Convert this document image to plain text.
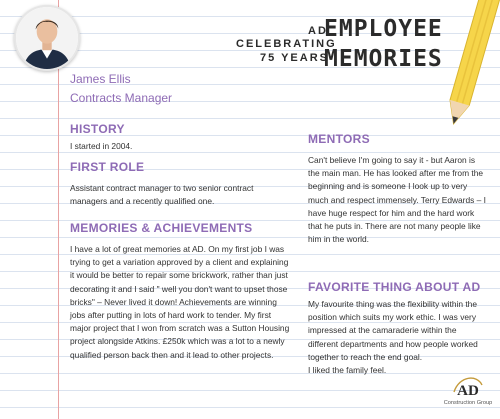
James Ellis
Contracts Manager
AD
CELEBRATING
75 YEARS
EMPLOYEE
MEMORIES
HISTORY
I started in 2004.
FIRST ROLE
Assistant contract manager to two senior contract managers and a recently qualified one.
MEMORIES & ACHIEVEMENTS
I have a lot of great memories at AD. On my first job I was trying to get a variation approved by a client and explaining it would be better to repair some brickwork, rather than just decorating it and I said " well you don't want to upset those bricks" – Never lived it down! Achievements are winning jobs after putting in lots of hard work to tender. My first major project that I won from scratch was a Sutton Housing project alongside Atkins. £250k which was a lot to a newly qualified person back then and it lead to other projects.
MENTORS
Can't believe I'm going to say it - but Aaron is the main man. He has looked after me from the beginning and is someone I look up to very much and respect immensely. Terry Edwards – I have huge respect for him and the hard work that he puts in. There are not many people like him in the world.
FAVORITE THING ABOUT AD
My favourite thing was the flexibility within the position which suits my work ethic. I was very impressed at the camaraderie within the different departments and how people worked together to reach the end goal.
I liked the family feel.
AD
Construction Group
